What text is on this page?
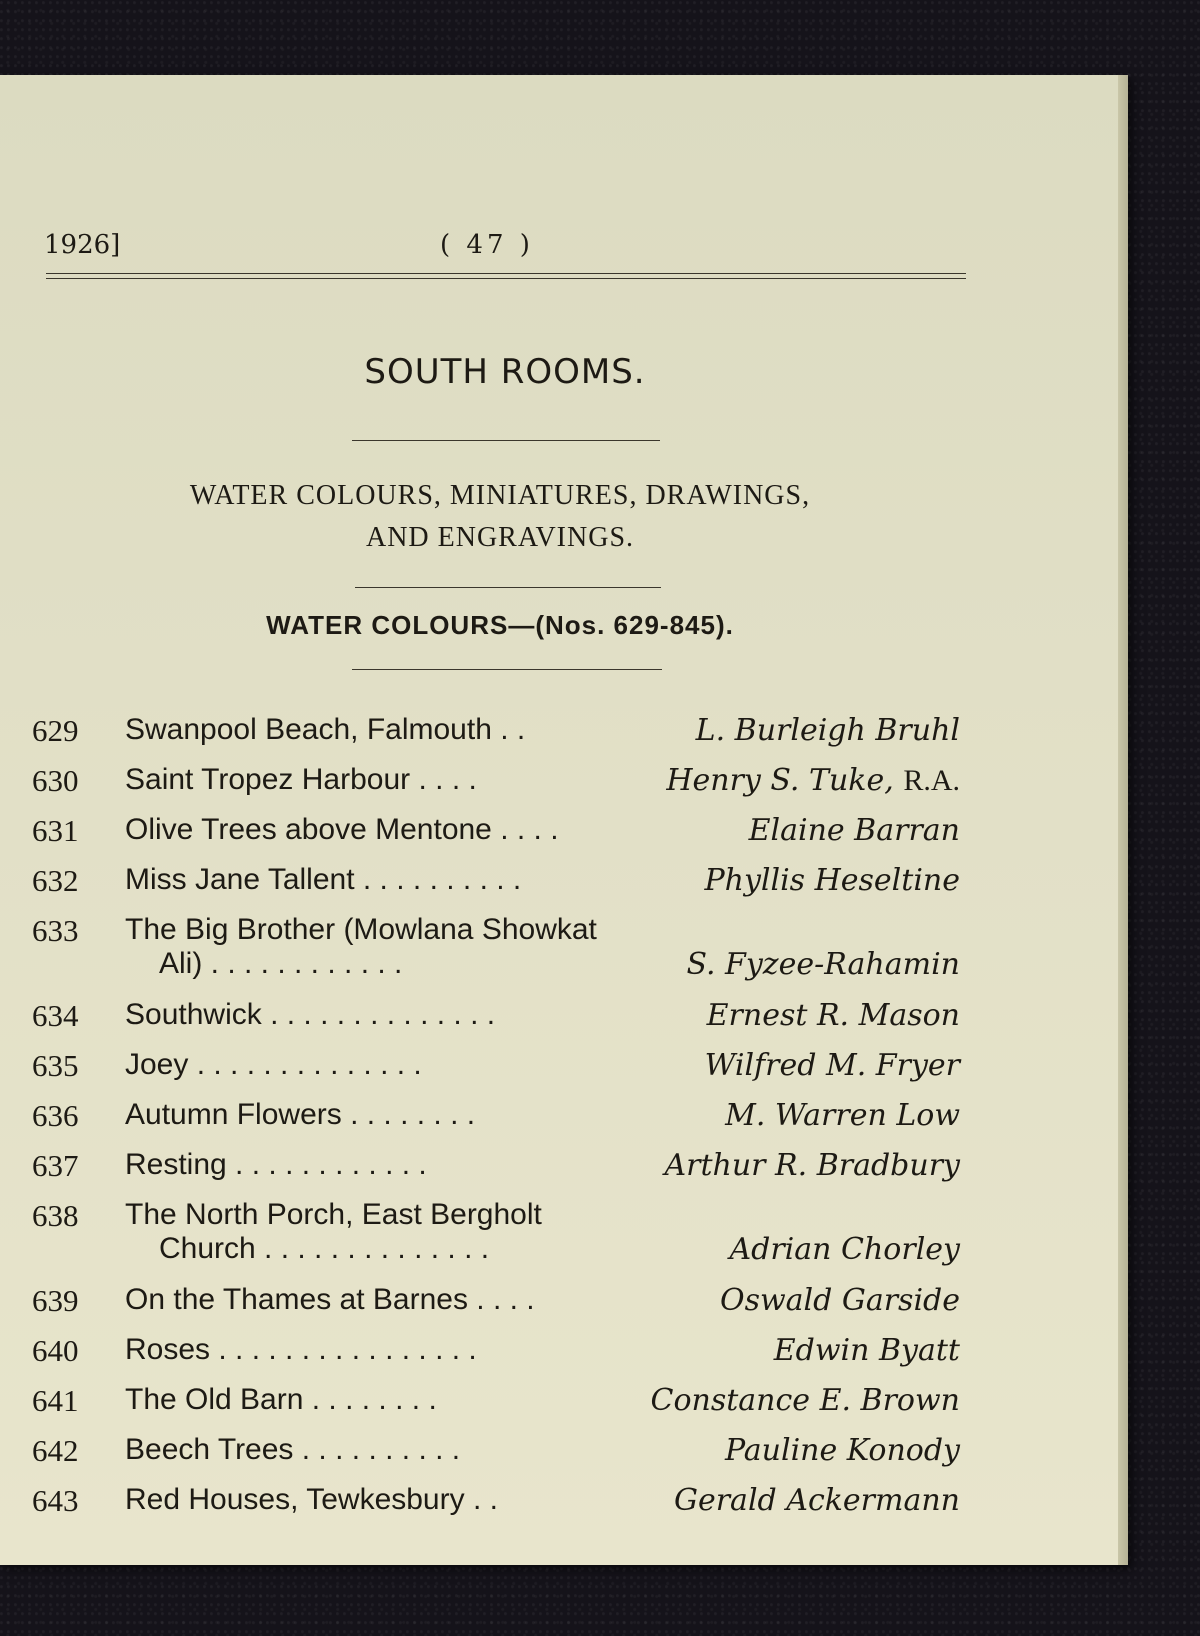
1926]	( 47 )
SOUTH ROOMS.
WATER COLOURS, MINIATURES, DRAWINGS,
AND ENGRAVINGS.
WATER COLOURS—(Nos. 629-845).
629 Swanpool Beach, Falmouth . .	L. Burleigh Bruhl
630 Saint Tropez Harbour . . . .	Henry S. Tuke, R.A.
631 Olive Trees above Mentone . . . .	Elaine Barran
632 Miss Jane Tallent . . . . . . . . . .	Phyllis Heseltine
633 The Big Brother (Mowlana Showkat
Ali) . . . . . . . . . . . .	S. Fyzee-Rahamin
634 Southwick . . . . . . . . . . . . . .	Ernest R. Mason
635 Joey . . . . . . . . . . . . . .	Wilfred M. Fryer
636 Autumn Flowers . . . . . . . .	M. Warren Low
637 Resting . . . . . . . . . . . .	Arthur R. Bradbury
638 The North Porch, East Bergholt
Church . . . . . . . . . . . . . .	Adrian Chorley
639 On the Thames at Barnes . . . .	Oswald Garside
640 Roses . . . . . . . . . . . . . . . .	Edwin Byatt
641 The Old Barn . . . . . . . .	Constance E. Brown
642 Beech Trees . . . . . . . . . .	Pauline Konody
643 Red Houses, Tewkesbury . .	Gerald Ackermann
